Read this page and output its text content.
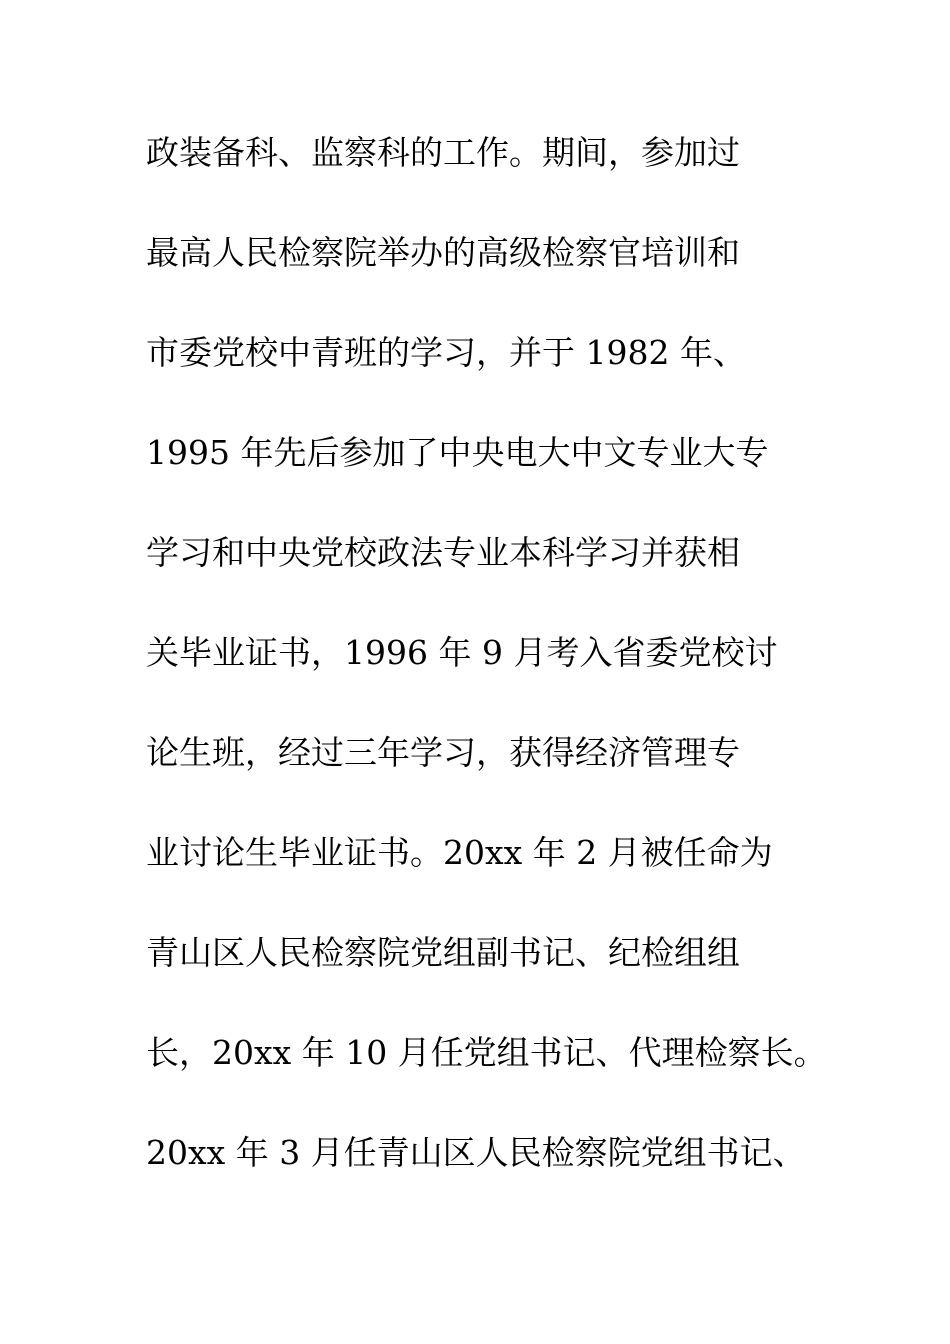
政装备科、监察科的工作。期间，参加过
最高人民检察院举办的高级检察官培训和
市委党校中青班的学习，并于 1982 年、
1995 年先后参加了中央电大中文专业大专
学习和中央党校政法专业本科学习并获相
关毕业证书，1996 年 9 月考入省委党校讨
论生班，经过三年学习，获得经济管理专
业讨论生毕业证书。20xx 年 2 月被任命为
青山区人民检察院党组副书记、纪检组组
长，20xx 年 10 月任党组书记、代理检察长。
20xx 年 3 月任青山区人民检察院党组书记、
